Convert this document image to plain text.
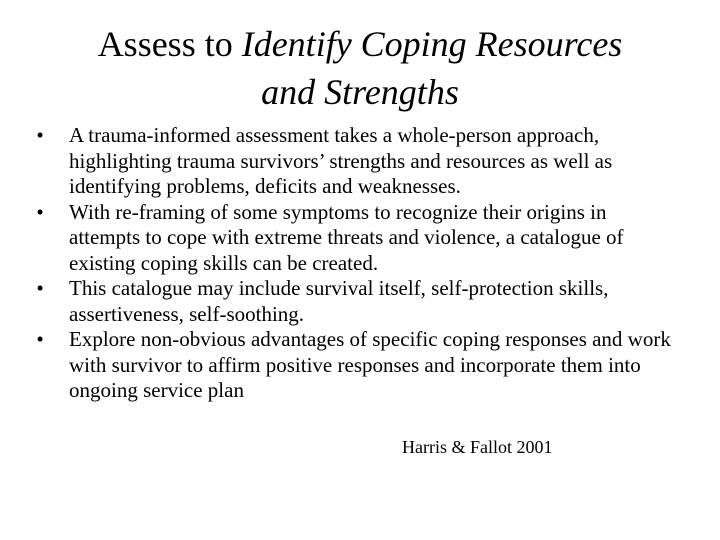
Assess to Identify Coping Resources
and Strengths
•	A trauma-informed assessment takes a whole-person approach, highlighting trauma survivors’ strengths and resources as well as identifying problems, deficits and weaknesses.
•	With re-framing of some symptoms to recognize their origins in attempts to cope with extreme threats and violence, a catalogue of existing coping skills can be created.
•	This catalogue may include survival itself, self-protection skills, assertiveness, self-soothing.
•	Explore non-obvious advantages of specific coping responses and work with survivor to affirm positive responses and incorporate them into ongoing service plan

Harris & Fallot 2001
